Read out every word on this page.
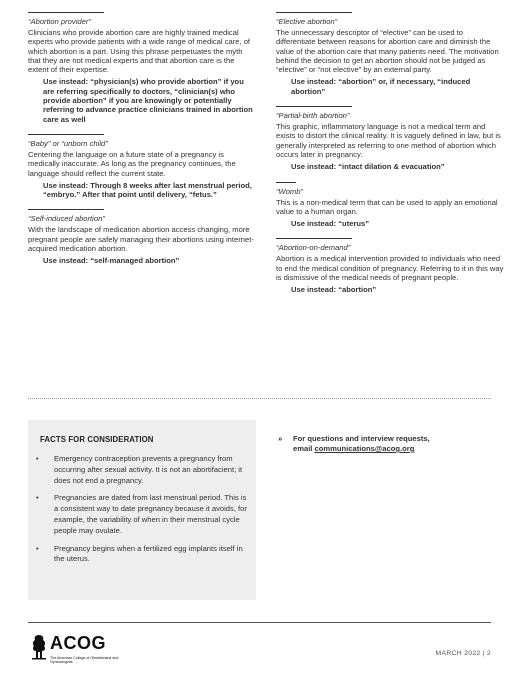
“Abortion provider”

Clinicians who provide abortion care are highly trained medical experts who provide patients with a wide range of medical care, of which abortion is a part. Using this phrase perpetuates the myth that they are not medical experts and that abortion care is the extent of their expertise.

Use instead: “physician(s) who provide abortion” if you are referring specifically to doctors, “clinician(s) who provide abortion” if you are knowingly or potentially referring to advance practice clinicians trained in abortion care as well

“Baby” or “unborn child”

Centering the language on a future state of a pregnancy is medically inaccurate. As long as the pregnancy continues, the language should reflect the current state.

Use instead: Through 8 weeks after last menstrual period, “embryo.” After that point until delivery, “fetus.”

“Self-induced abortion”

With the landscape of medication abortion access changing, more pregnant people are safely managing their abortions using internet-acquired medication abortion.

Use instead: “self-managed abortion”

“Elective abortion”

The unnecessary descriptor of “elective” can be used to differentiate between reasons for abortion care and diminish the value of the abortion care that many patients need. The motivation behind the decision to get an abortion should not be judged as “elective” or “not elective” by an external party.

Use instead: “abortion” or, if necessary, “induced abortion”

“Partial-birth abortion”

This graphic, inflammatory language is not a medical term and exists to distort the clinical reality. It is vaguely defined in law, but is generally interpreted as referring to one method of abortion which occurs later in pregnancy.

Use instead: “intact dilation & evacuation”

“Womb”

This is a non-medical term that can be used to apply an emotional value to a human organ.

Use instead: “uterus”

“Abortion-on-demand”

Abortion is a medical intervention provided to individuals who need to end the medical condition of pregnancy. Referring to it in this way is dismissive of the medical needs of pregnant people.

Use instead: “abortion”

FACTS FOR CONSIDERATION
• Emergency contraception prevents a pregnancy from occurring after sexual activity. It is not an abortifacient; it does not end a pregnancy.
• Pregnancies are dated from last menstrual period. This is a consistent way to date pregnancy because it avoids, for example, the variability of when in their menstrual cycle people may ovulate.
• Pregnancy begins when a fertilized egg implants itself in the uterus.
» For questions and interview requests,
email communications@acog.org
ACOG
The American College of Obstetricians and Gynecologists
MARCH 2022 | 2
